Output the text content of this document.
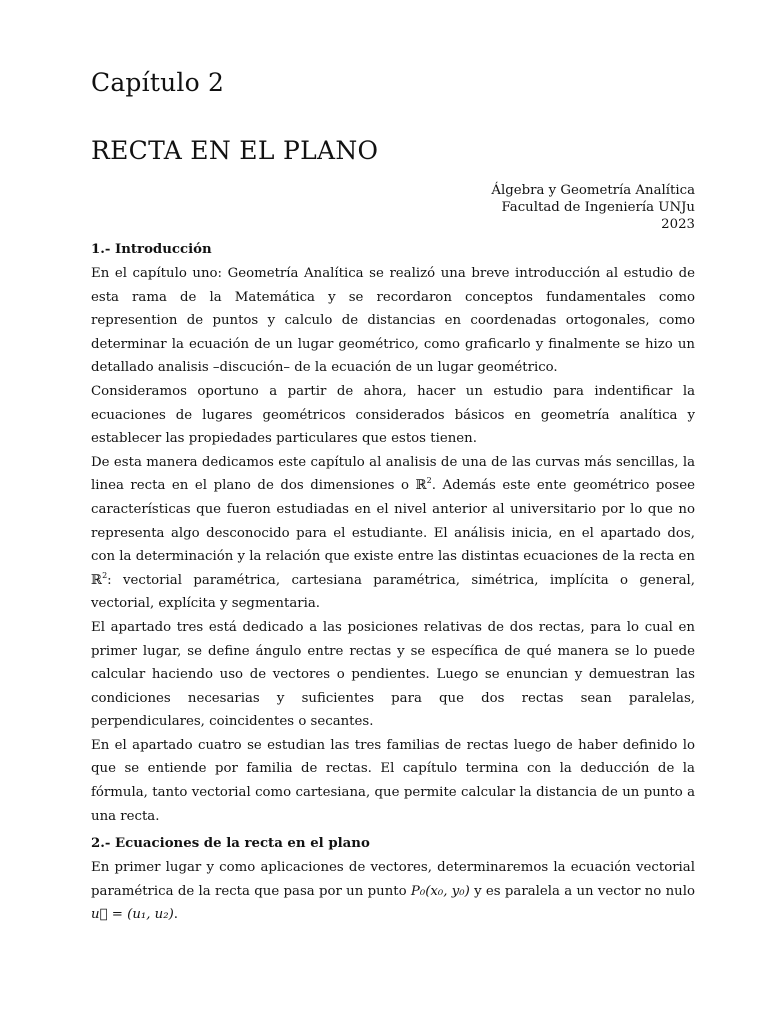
Capítulo 2
RECTA EN EL PLANO
Álgebra y Geometría Analítica
Facultad de Ingeniería UNJu
2023
1.- Introducción

En el capítulo uno: Geometría Analítica se realizó una breve introducción al estudio de esta rama de la Matemática y se recordaron conceptos fundamentales como represention de puntos y calculo de distancias en coordenadas ortogonales, como determinar la ecuación de un lugar geométrico, como graficarlo y finalmente se hizo un detallado analisis –discución– de la ecuación de un lugar geométrico.

Consideramos oportuno a partir de ahora, hacer un estudio para indentificar la ecuaciones de lugares geométricos considerados básicos en geometría analítica y establecer las propiedades particulares que estos tienen.

De esta manera dedicamos este capítulo al analisis de una de las curvas más sencillas, la linea recta en el plano de dos dimensiones o ℝ$^2$. Además este ente geométrico posee características que fueron estudiadas en el nivel anterior al universitario por lo que no representa algo desconocido para el estudiante. El análisis inicia, en el apartado dos, con la determinación y la relación que existe entre las distintas ecuaciones de la recta en ℝ$^2$: vectorial paramétrica, cartesiana paramétrica, simétrica, implícita o general, vectorial, explícita y segmentaria.

El apartado tres está dedicado a las posiciones relativas de dos rectas, para lo cual en primer lugar, se define ángulo entre rectas y se específica de qué manera se lo puede calcular haciendo uso de vectores o pendientes. Luego se enuncian y demuestran las condiciones necesarias y suficientes para que dos rectas sean paralelas, perpendiculares, coincidentes o secantes.

En el apartado cuatro se estudian las tres familias de rectas luego de haber definido lo que se entiende por familia de rectas. El capítulo termina con la deducción de la fórmula, tanto vectorial como cartesiana, que permite calcular la distancia de un punto a una recta.

2.- Ecuaciones de la recta en el plano

En primer lugar y como aplicaciones de vectores, determinaremos la ecuación vectorial paramétrica de la recta que pasa por un punto P₀(x₀, y₀) y es paralela a un vector no nulo u⃗ = (u₁, u₂).
